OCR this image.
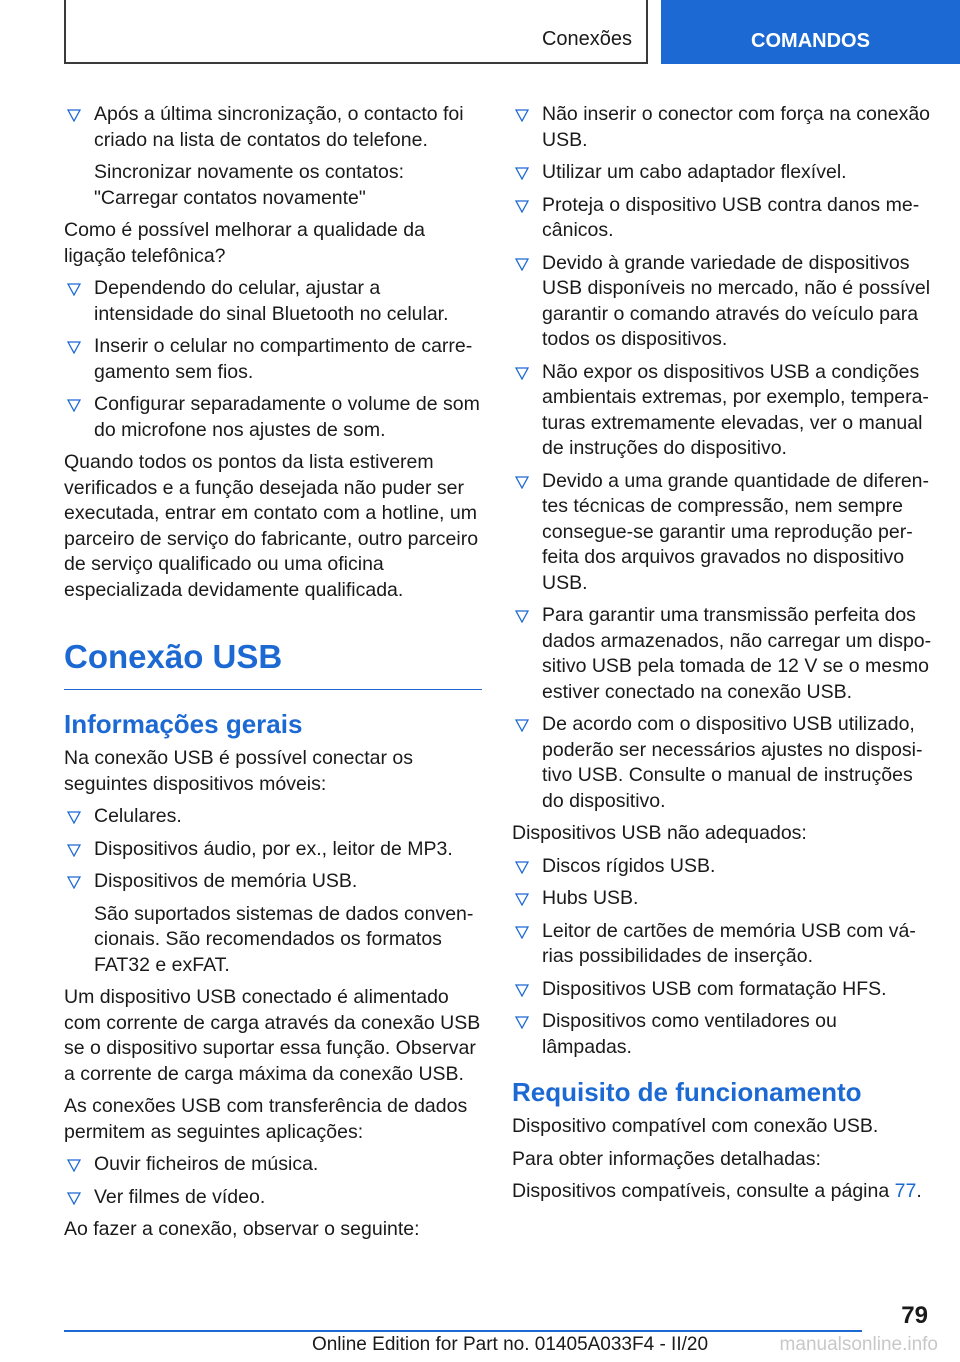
Conexões	COMANDOS
Após a última sincronização, o contacto foi criado na lista de contatos do telefone.
Sincronizar novamente os contatos: "Carregar contatos novamente"

Como é possível melhorar a qualidade da ligação telefônica?

Dependendo do celular, ajustar a intensidade do sinal Bluetooth no celular.
Inserir o celular no compartimento de carregamento sem fios.
Configurar separadamente o volume de som do microfone nos ajustes de som.

Quando todos os pontos da lista estiverem verificados e a função desejada não puder ser executada, entrar em contato com a hotline, um parceiro de serviço do fabricante, outro parceiro de serviço qualificado ou uma oficina especializada devidamente qualificada.

Conexão USB
Informações gerais

Na conexão USB é possível conectar os seguintes dispositivos móveis:

Celulares.
Dispositivos áudio, por ex., leitor de MP3.
Dispositivos de memória USB.
São suportados sistemas de dados convencionais. São recomendados os formatos FAT32 e exFAT.

Um dispositivo USB conectado é alimentado com corrente de carga através da conexão USB se o dispositivo suportar essa função. Observar a corrente de carga máxima da conexão USB.

As conexões USB com transferência de dados permitem as seguintes aplicações:

Ouvir ficheiros de música.
Ver filmes de vídeo.

Ao fazer a conexão, observar o seguinte:

Não inserir o conector com força na conexão USB.
Utilizar um cabo adaptador flexível.
Proteja o dispositivo USB contra danos mecânicos.
Devido à grande variedade de dispositivos USB disponíveis no mercado, não é possível garantir o comando através do veículo para todos os dispositivos.
Não expor os dispositivos USB a condições ambientais extremas, por exemplo, temperaturas extremamente elevadas, ver o manual de instruções do dispositivo.
Devido a uma grande quantidade de diferentes técnicas de compressão, nem sempre consegue-se garantir uma reprodução perfeita dos arquivos gravados no dispositivo USB.
Para garantir uma transmissão perfeita dos dados armazenados, não carregar um dispositivo USB pela tomada de 12 V se o mesmo estiver conectado na conexão USB.
De acordo com o dispositivo USB utilizado, poderão ser necessários ajustes no dispositivo USB. Consulte o manual de instruções do dispositivo.

Dispositivos USB não adequados:

Discos rígidos USB.
Hubs USB.
Leitor de cartões de memória USB com várias possibilidades de inserção.
Dispositivos USB com formatação HFS.
Dispositivos como ventiladores ou lâmpadas.
Requisito de funcionamento

Dispositivo compatível com conexão USB.

Para obter informações detalhadas:

Dispositivos compatíveis, consulte a página 77.

79
Online Edition for Part no. 01405A033F4 - II/20	manualsonline.info
